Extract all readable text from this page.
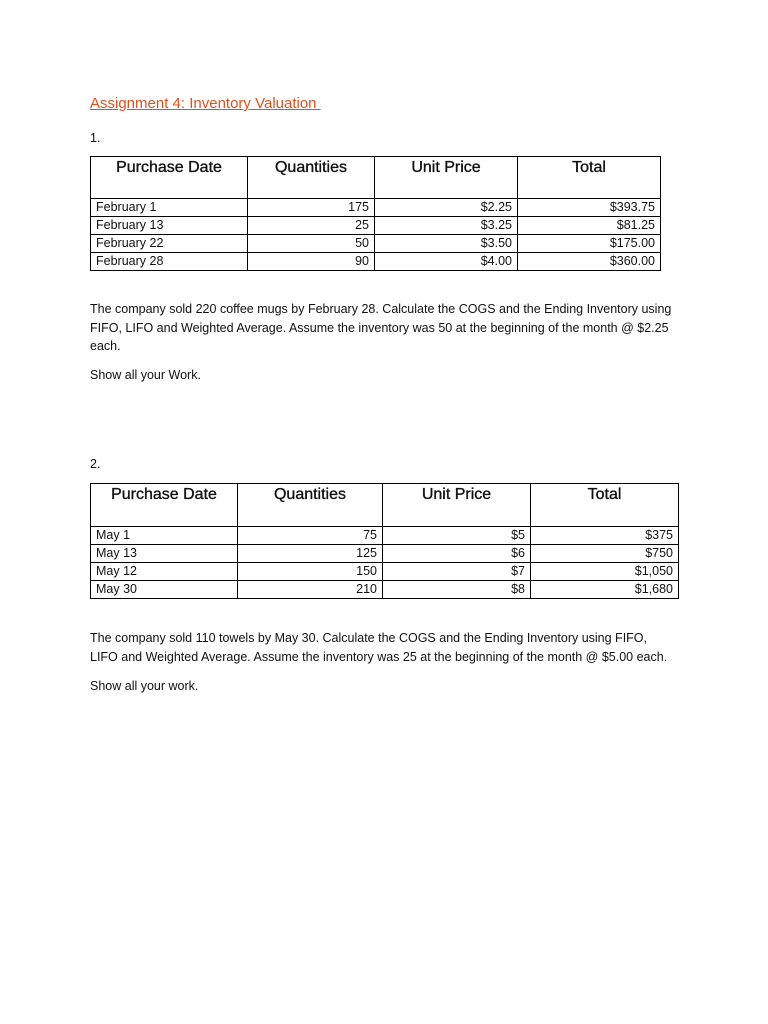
Assignment 4: Inventory Valuation
1.
Purchase Date	Quantities	Unit Price	Total
February 1	175	$2.25	$393.75
February 13	25	$3.25	$81.25
February 22	50	$3.50	$175.00
February 28	90	$4.00	$360.00
The company sold 220 coffee mugs by February 28. Calculate the COGS and the Ending Inventory using FIFO, LIFO and Weighted Average. Assume the inventory was 50 at the beginning of the month @ $2.25 each.
Show all your Work.
2.
Purchase Date	Quantities	Unit Price	Total
May 1	75	$5	$375
May 13	125	$6	$750
May 12	150	$7	$1,050
May 30	210	$8	$1,680
The company sold 110 towels by May 30. Calculate the COGS and the Ending Inventory using FIFO, LIFO and Weighted Average. Assume the inventory was 25 at the beginning of the month @ $5.00 each.
Show all your work.
